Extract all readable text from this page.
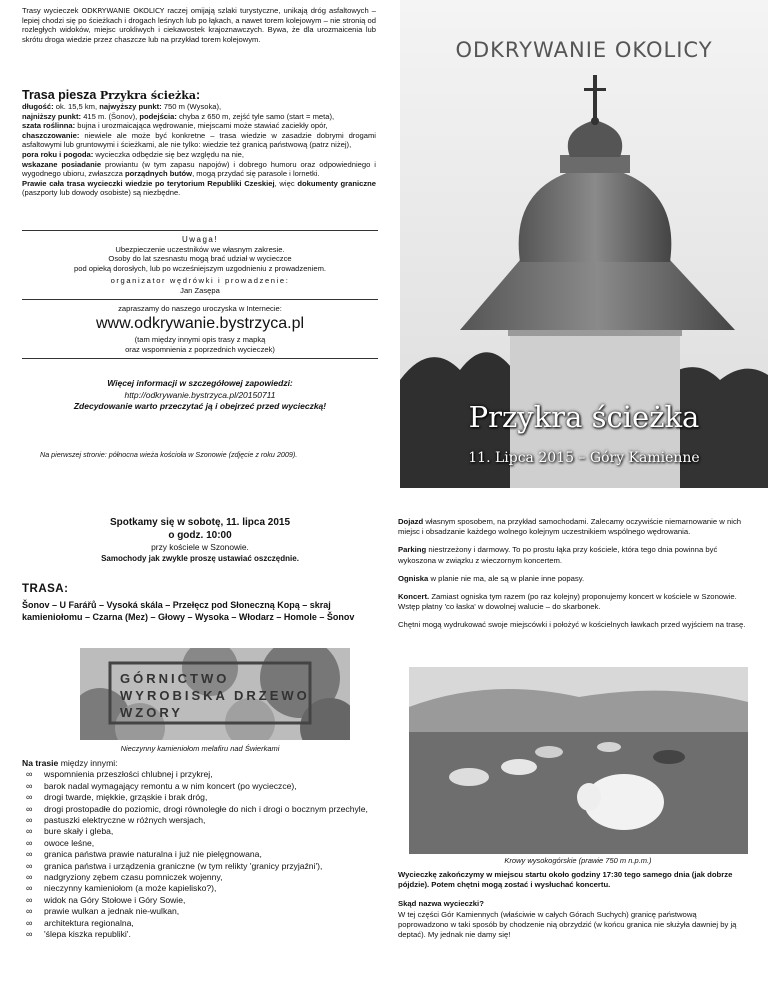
Trasy wycieczek ODKRYWANIE OKOLICY raczej omijają szlaki turystyczne, unikają dróg asfaltowych – lepiej chodzi się po ścieżkach i drogach leśnych lub po łąkach, a nawet torem kolejowym – nie stronią od rozległych widoków, miejsc urokliwych i ciekawostek krajoznawczych. Bywa, że dla urozmaicenia lub skrótu droga wiedzie przez chaszcze lub na przykład torem kolejowym.
Trasa piesza Przykra ścieżka:
długość: ok. 15,5 km, najwyższy punkt: 750 m (Wysoka),
najniższy punkt: 415 m. (Šonov), podejścia: chyba z 650 m, zejść tyle samo (start = meta),
szata roślinna: bujna i urozmaicająca wędrowanie, miejscami może stawiać zaciekły opór,
chaszczowanie: niewiele ale może być konkretne – trasa wiedzie w zasadzie dobrymi drogami asfaltowymi lub gruntowymi i ścieżkami, ale nie tylko: wiedzie też granicą państwową (patrz niżej),
pora roku i pogoda: wycieczka odbędzie się bez względu na nie,
wskazane posiadanie prowiantu (w tym zapasu napojów) i dobrego humoru oraz odpowiedniego i wygodnego ubioru, zwłaszcza porządnych butów, mogą przydać się parasole i lornetki.
Prawie cała trasa wycieczki wiedzie po terytorium Republiki Czeskiej, więc dokumenty graniczne (paszporty lub dowody osobiste) są niezbędne.
Uwaga!
Ubezpieczenie uczestników we własnym zakresie.
Osoby do lat szesnastu mogą brać udział w wycieczce
pod opieką dorosłych, lub po wcześniejszym uzgodnieniu z prowadzeniem.
organizator wędrówki i prowadzenie:
Jan Zasępa
zapraszamy do naszego uroczyska w Internecie:
www.odkrywanie.bystrzyca.pl
(tam między innymi opis trasy z mapką
oraz wspomnienia z poprzednich wycieczek)
Więcej informacji w szczegółowej zapowiedzi:
http://odkrywanie.bystrzyca.pl/20150711
Zdecydowanie warto przeczytać ją i obejrzeć przed wycieczką!
Na pierwszej stronie: północna wieża kościoła w Szonowie (zdjęcie z roku 2009).
ODKRYWANIE OKOLICY
Przykra ścieżka
11. Lipca 2015 – Góry Kamienne
Spotkamy się w sobotę, 11. lipca 2015
o godz. 10:00
przy kościele w Szonowie.
Samochody jak zwykle proszę ustawiać oszczędnie.
TRASA:
Šonov – U Farářů – Vysoká skála – Przełęcz pod Słoneczną Kopą – skraj kamieniołomu – Czarna (Mez) – Głowy – Wysoka – Włodarz – Homole – Šonov
GÓRNICTWO WYROBISKA DRZEWO WZORY
Nieczynny kamieniołom melafiru nad Świerkami
Na trasie między innymi:
∞ wspomnienia przeszłości chlubnej i przykrej,
∞ barok nadal wymagający remontu a w nim koncert (po wycieczce),
∞ drogi twarde, miękkie, grząskie i brak dróg,
∞ drogi prostopadłe do poziomic, drogi równoległe do nich i drogi o bocznym przechyle,
∞ pastuszki elektryczne w różnych wersjach,
∞ bure skały i gleba,
∞ owoce leśne,
∞ granica państwa prawie naturalna i już nie pielęgnowana,
∞ granica państwa i urządzenia graniczne (w tym relikty 'granicy przyjaźni'),
∞ nadgryziony zębem czasu pomniczek wojenny,
∞ nieczynny kamieniołom (a może kapielisko?),
∞ widok na Góry Stołowe i Góry Sowie,
∞ prawie wulkan a jednak nie-wulkan,
∞ architektura regionalna,
∞ 'ślepa kiszka republiki'.

Dojazd własnym sposobem, na przykład samochodami. Zalecamy oczywiście niemarnowanie w nich miejsc i obsadzanie każdego wolnego kolejnym uczestnikiem wspólnego wędrowania.

Parking niestrzeżony i darmowy. To po prostu łąka przy kościele, która tego dnia powinna być wykoszona w związku z wieczornym koncertem.

Ogniska w planie nie ma, ale są w planie inne popasy.

Koncert. Zamiast ogniska tym razem (po raz kolejny) proponujemy koncert w kościele w Szonowie. Wstęp płatny 'co łaska' w dowolnej walucie – do skarbonek.

Chętni mogą wydrukować swoje miejscówki i położyć w kościelnych ławkach przed wyjściem na trasę.

Krowy wysokogórskie (prawie 750 m n.p.m.)
Wycieczkę zakończymy w miejscu startu około godziny 17:30 tego samego dnia (jak dobrze pójdzie). Potem chętni mogą zostać i wysłuchać koncertu.
Skąd nazwa wycieczki?
W tej części Gór Kamiennych (właściwie w całych Górach Suchych) granicę państwową poprowadzono w taki sposób by chodzenie nią obrzydzić (w końcu granica nie służyła dawniej by ją deptać). My jednak nie damy się!
